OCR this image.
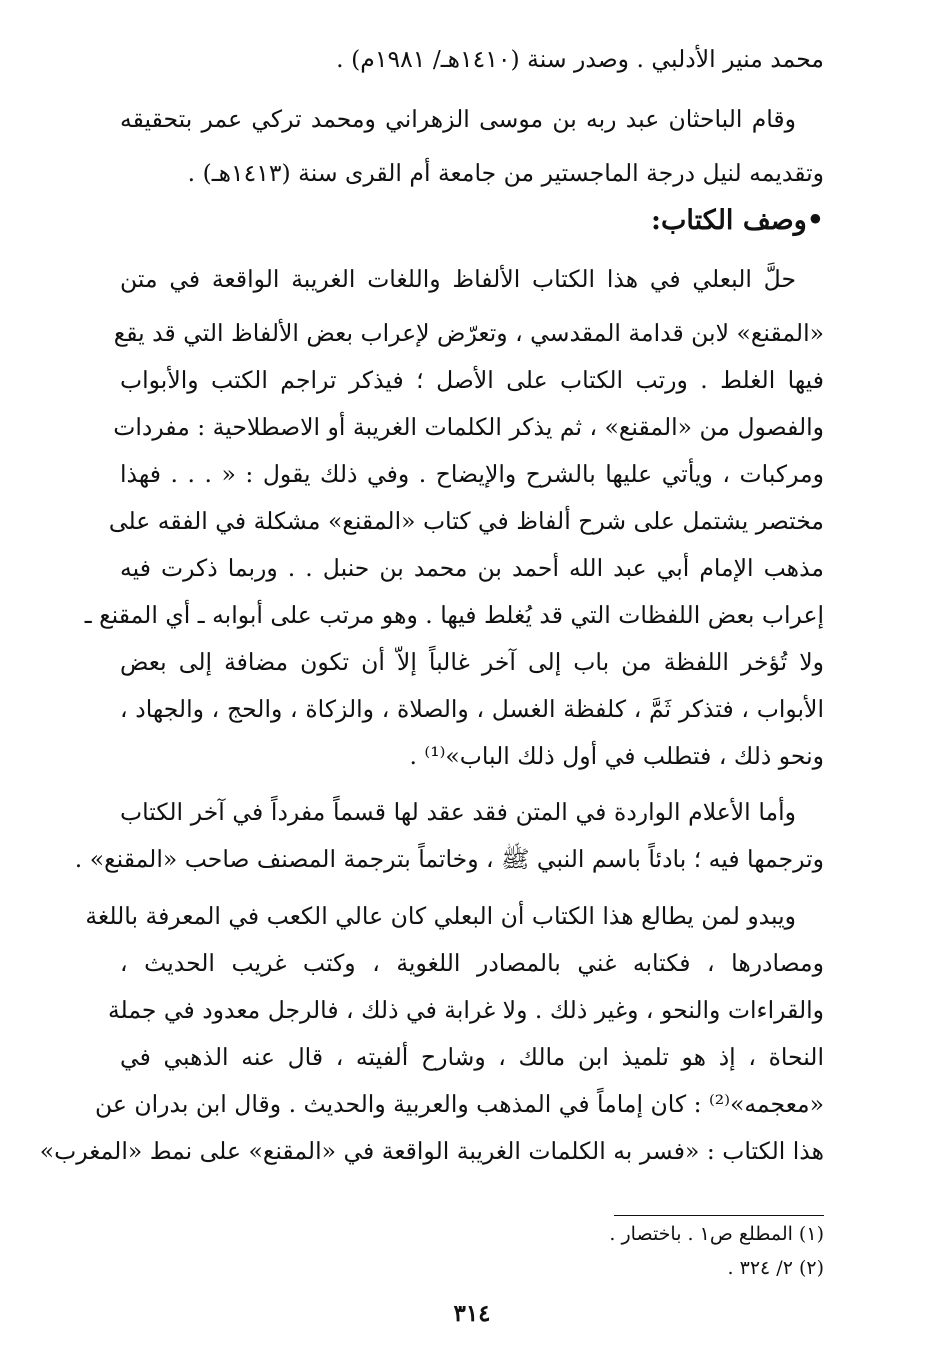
محمد منير الأدلبي . وصدر سنة (١٤١٠هـ/ ١٩٨١م) .
وقام الباحثان عبد ربه بن موسى الزهراني ومحمد تركي عمر بتحقيقه
وتقديمه لنيل درجة الماجستير من جامعة أم القرى سنة (١٤١٣هـ) .
•وصف الكتاب:
حلَّ البعلي في هذا الكتاب الألفاظ واللغات الغريبة الواقعة في متن
«المقنع» لابن قدامة المقدسي ، وتعرّض لإعراب بعض الألفاظ التي قد يقع
فيها الغلط . ورتب الكتاب على الأصل ؛ فيذكر تراجم الكتب والأبواب
والفصول من «المقنع» ، ثم يذكر الكلمات الغريبة أو الاصطلاحية : مفردات
ومركبات ، ويأتي عليها بالشرح والإيضاح . وفي ذلك يقول : « . . . فهذا
مختصر يشتمل على شرح ألفاظ في كتاب «المقنع» مشكلة في الفقه على
مذهب الإمام أبي عبد الله أحمد بن محمد بن حنبل . . وربما ذكرت فيه
إعراب بعض اللفظات التي قد يُغلط فيها . وهو مرتب على أبوابه ـ أي المقنع ـ
ولا تُؤخر اللفظة من باب إلى آخر غالباً إلاّ أن تكون مضافة إلى بعض
الأبواب ، فتذكر ثَمَّ ، كلفظة الغسل ، والصلاة ، والزكاة ، والحج ، والجهاد ،
ونحو ذلك ، فتطلب في أول ذلك الباب»⁽¹⁾ .
وأما الأعلام الواردة في المتن فقد عقد لها قسماً مفرداً في آخر الكتاب
وترجمها فيه ؛ بادئاً باسم النبي ﷺ ، وخاتماً بترجمة المصنف صاحب «المقنع» .
ويبدو لمن يطالع هذا الكتاب أن البعلي كان عالي الكعب في المعرفة باللغة
ومصادرها ، فكتابه غني بالمصادر اللغوية ، وكتب غريب الحديث ،
والقراءات والنحو ، وغير ذلك . ولا غرابة في ذلك ، فالرجل معدود في جملة
النحاة ، إذ هو تلميذ ابن مالك ، وشارح ألفيته ، قال عنه الذهبي في
«معجمه»⁽²⁾ : كان إماماً في المذهب والعربية والحديث . وقال ابن بدران عن
هذا الكتاب : «فسر به الكلمات الغريبة الواقعة في «المقنع» على نمط «المغرب»
(١) المطلع ص١ . باختصار .
(٢) ٢/ ٣٢٤ .
٣١٤
